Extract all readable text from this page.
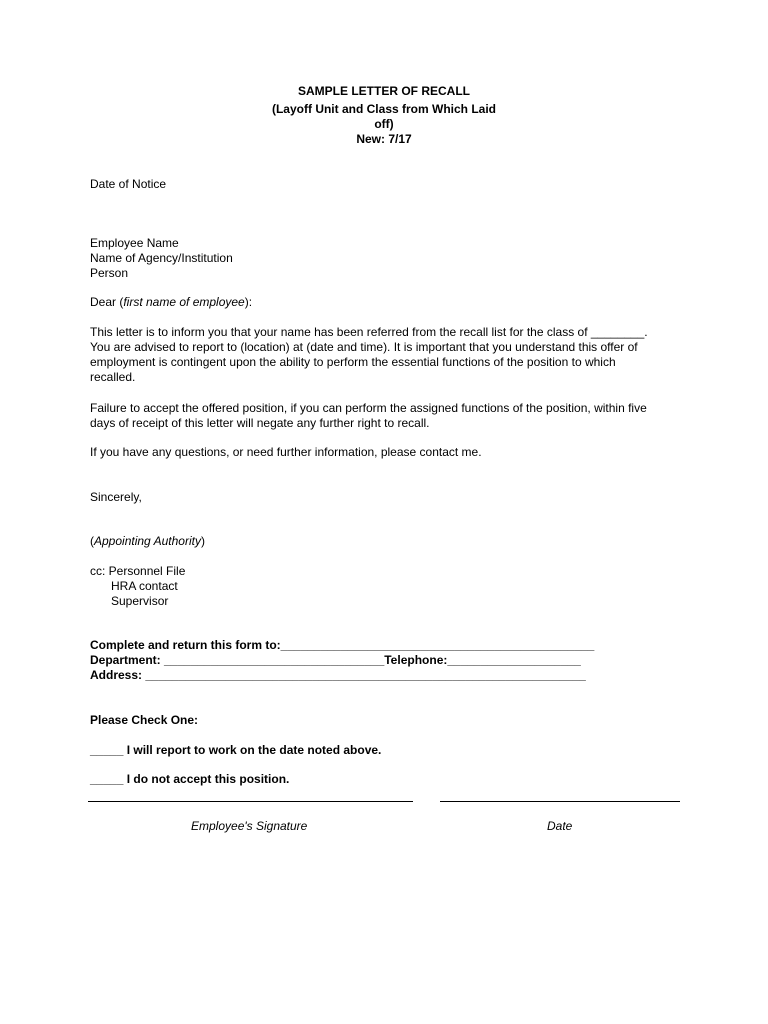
SAMPLE LETTER OF RECALL
(Layoff Unit and Class from Which Laid
off)
New: 7/17
Date of Notice
Employee Name
Name of Agency/Institution
Person
Dear (first name of employee):
This letter is to inform you that your name has been referred from the recall list for the class of ________.
You are advised to report to (location) at (date and time). It is important that you understand this offer of
employment is contingent upon the ability to perform the essential functions of the position to which
recalled.
Failure to accept the offered position, if you can perform the assigned functions of the position, within five
days of receipt of this letter will negate any further right to recall.
If you have any questions, or need further information, please contact me.
Sincerely,
(Appointing Authority)
cc: Personnel File
HRA contact
Supervisor
Complete and return this form to:_______________________________________________
Department: _________________________________Telephone:____________________
Address: __________________________________________________________________
Please Check One:
_____ I will report to work on the date noted above.
_____ I do not accept this position.
Employee's Signature	Date
